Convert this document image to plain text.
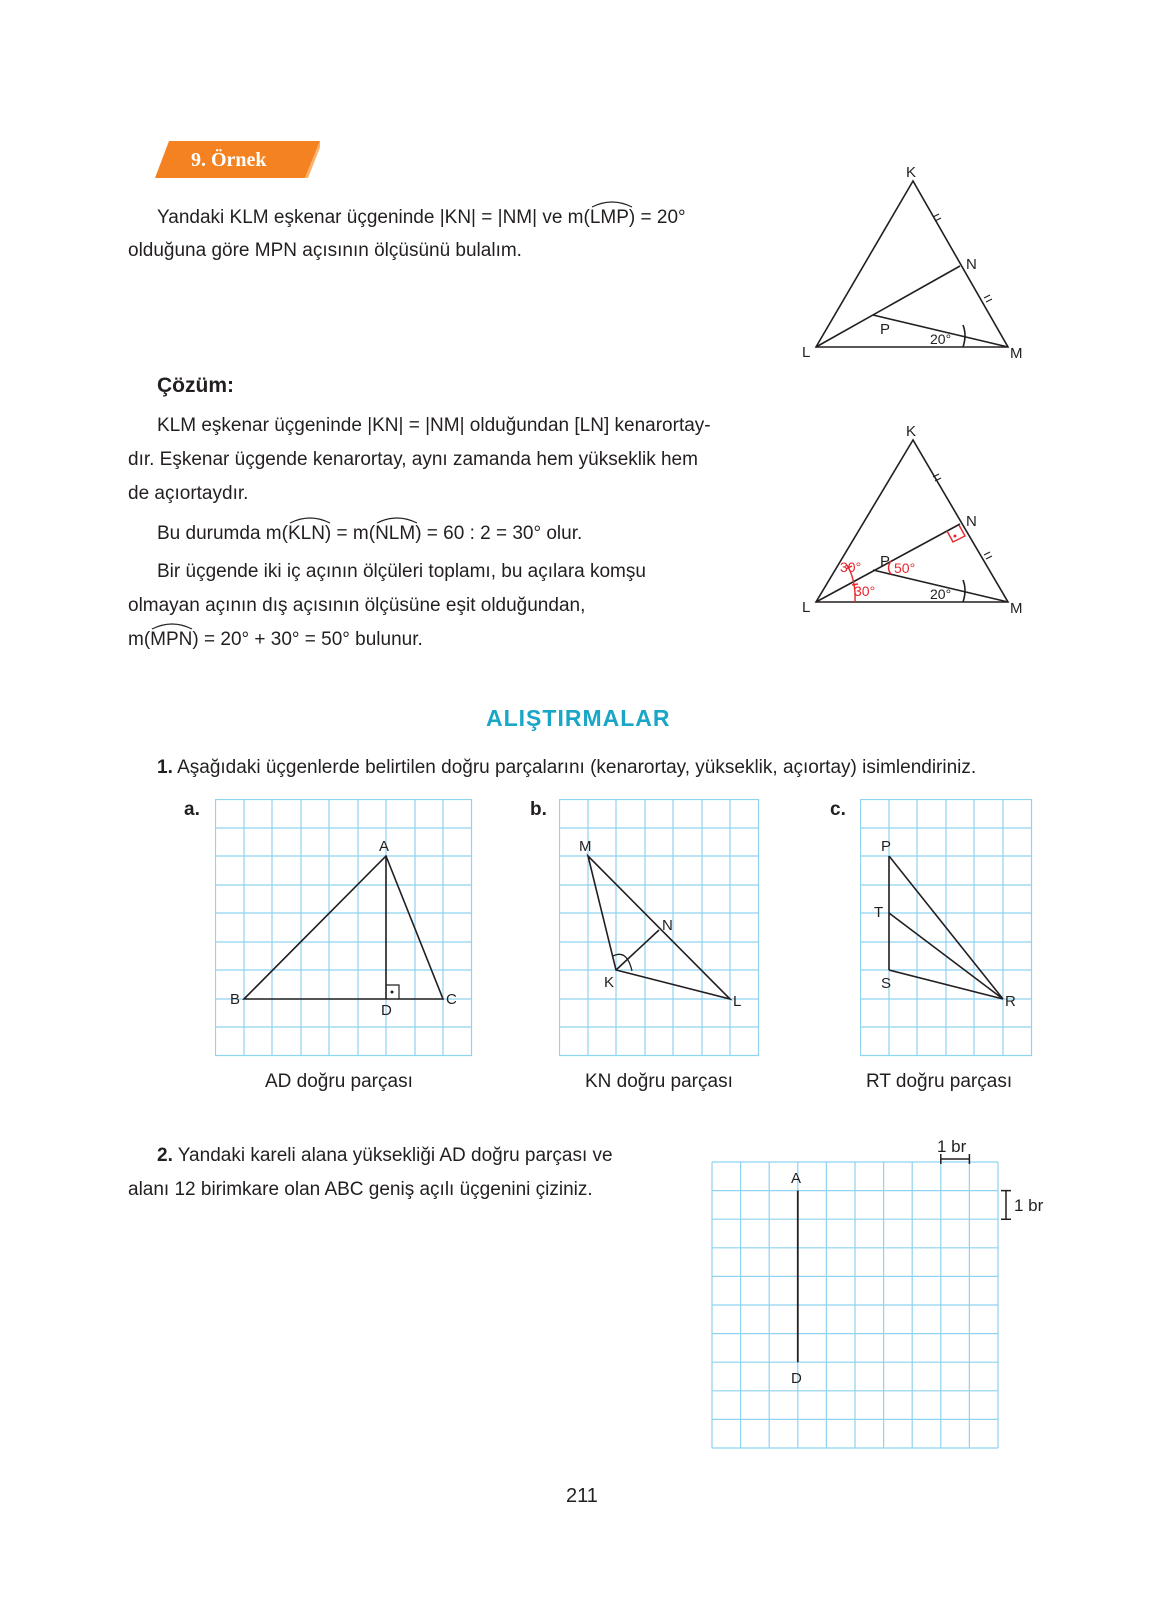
9. Örnek
Yandaki KLM eşkenar üçgeninde |KN| = |NM| ve m(
LMP) = 20°
olduğuna göre MPN açısının ölçüsünü bulalım.
K
N
P
L	M
20°
Çözüm:
KLM eşkenar üçgeninde |KN| = |NM| olduğundan [LN] kenarortay-
dır. Eşkenar üçgende kenarortay, aynı zamanda hem yükseklik hem
de açıortaydır.
Bu durumda m(
KLN) = m(
NLM) = 60 : 2 = 30° olur.
Bir üçgende iki iç açının ölçüleri toplamı, bu açılara komşu
olmayan açının dış açısının ölçüsüne eşit olduğundan,
m(
MPN) = 20° + 30° = 50° bulunur.
K
N
P
L	M
20°
30°
30°
50°
ALIŞTIRMALAR
1. Aşağıdaki üçgenlerde belirtilen doğru parçalarını (kenarortay, yükseklik, açıortay) isimlendiriniz.
a.
A
B	C
D
AD doğru parçası
b.
M
N
K
L
KN doğru parçası
c.
P
T
S
R
RT doğru parçası
2. Yandaki kareli alana yüksekliği AD doğru parçası ve
alanı 12 birimkare olan ABC geniş açılı üçgenini çiziniz.
A
D
1 br
1 br
211
